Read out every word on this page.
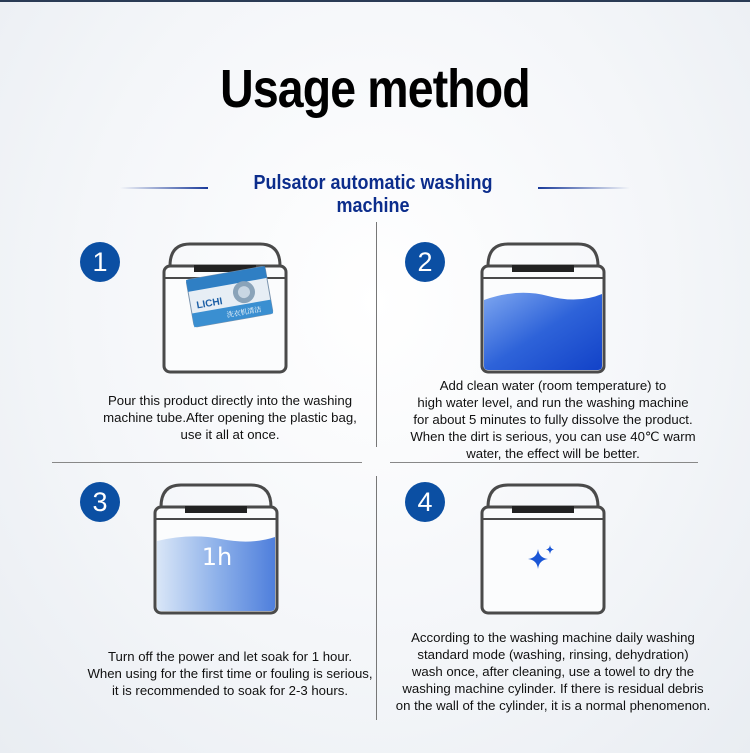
Usage method
Pulsator automatic washing machine
1
LICHI
洗衣机清洁
Pour this product directly into the washing
machine tube.After opening the plastic bag,
use it all at once.
2
Add clean water (room temperature) to
high water level, and run the washing machine
for about 5 minutes to fully dissolve the product.
When the dirt is serious, you can use 40℃ warm
water, the effect will be better.
3
1h
Turn off the power and let soak for 1 hour.
When using for the first time or fouling is serious,
it is recommended to soak for 2-3 hours.
4
According to the washing machine daily washing
standard mode (washing, rinsing, dehydration)
wash once, after cleaning, use a towel to dry the
washing machine cylinder. If there is residual debris
on the wall of the cylinder, it is a normal phenomenon.
